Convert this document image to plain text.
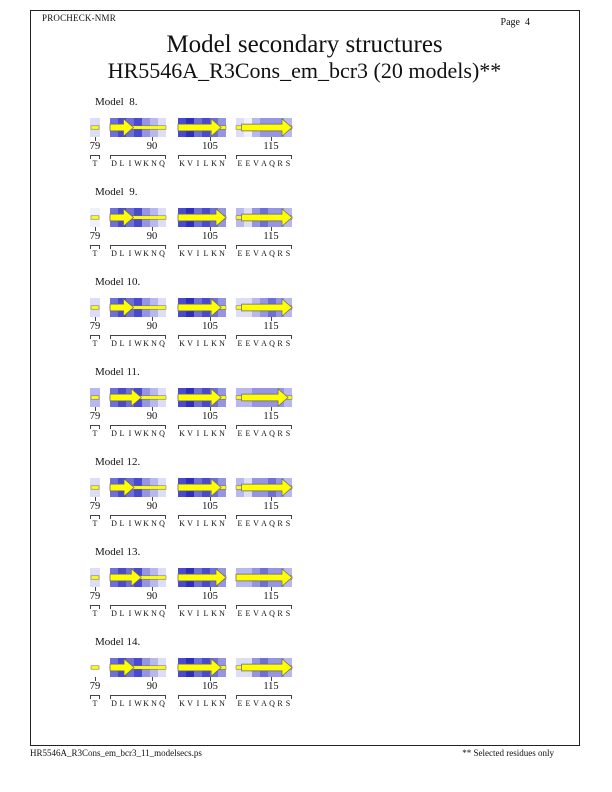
PROCHECK-NMR	Page  4
Model secondary structures
HR5546A_R3Cons_em_bcr3 (20 models)**
Model  8.
T	D L I W K N Q K V I L K N E E V A Q R S
79	90	105	115
Model  9.
T	D L I W K N Q K V I L K N E E V A Q R S
79	90	105	115
Model 10.
T	D L I W K N Q K V I L K N E E V A Q R S
79	90	105	115
Model 11.
T	D L I W K N Q K V I L K N E E V A Q R S
79	90	105	115
Model 12.
T	D L I W K N Q K V I L K N E E V A Q R S
79	90	105	115
Model 13.
T	D L I W K N Q K V I L K N E E V A Q R S
79	90	105	115
Model 14.
T	D L I W K N Q K V I L K N E E V A Q R S
79	90	105	115
HR5546A_R3Cons_em_bcr3_11_modelsecs.ps	** Selected residues only
